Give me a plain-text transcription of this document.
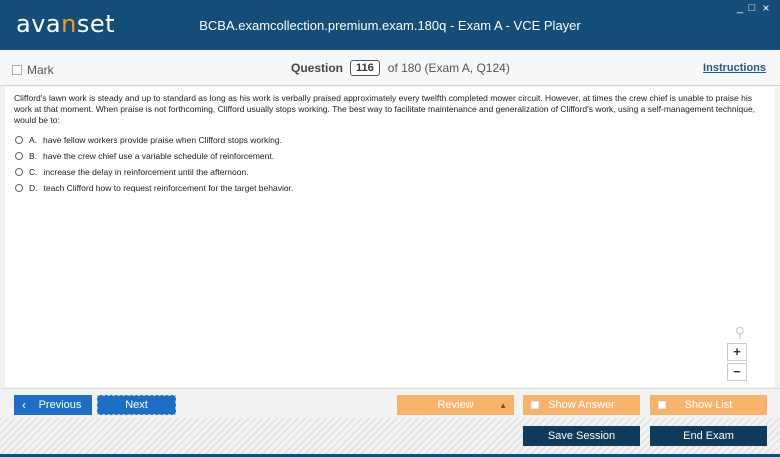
avanset	BCBA.examcollection.premium.exam.180q - Exam A - VCE Player
_ □ ×
Mark	Question	116	of 180 (Exam A, Q124)	Instructions
Clifford's lawn work is steady and up to standard as long as his work is verbally praised approximately every twelfth completed mower circuit. However, at times the crew chief is unable to praise his work at that moment. When praise is not forthcoming, Clifford usually stops working. The best way to facilitate maintenance and generalization of Clifford's work, using a self-management technique, would be to:
A. have fellow workers provide praise when Clifford stops working.
B. have the crew chief use a variable schedule of reinforcement.
C. increase the delay in reinforcement until the afternoon.
D. teach Clifford how to request reinforcement for the target behavior.
⚲
+
−
‹ Previous	Next	Review	▲	Show Answer	Show List
Save Session	End Exam
